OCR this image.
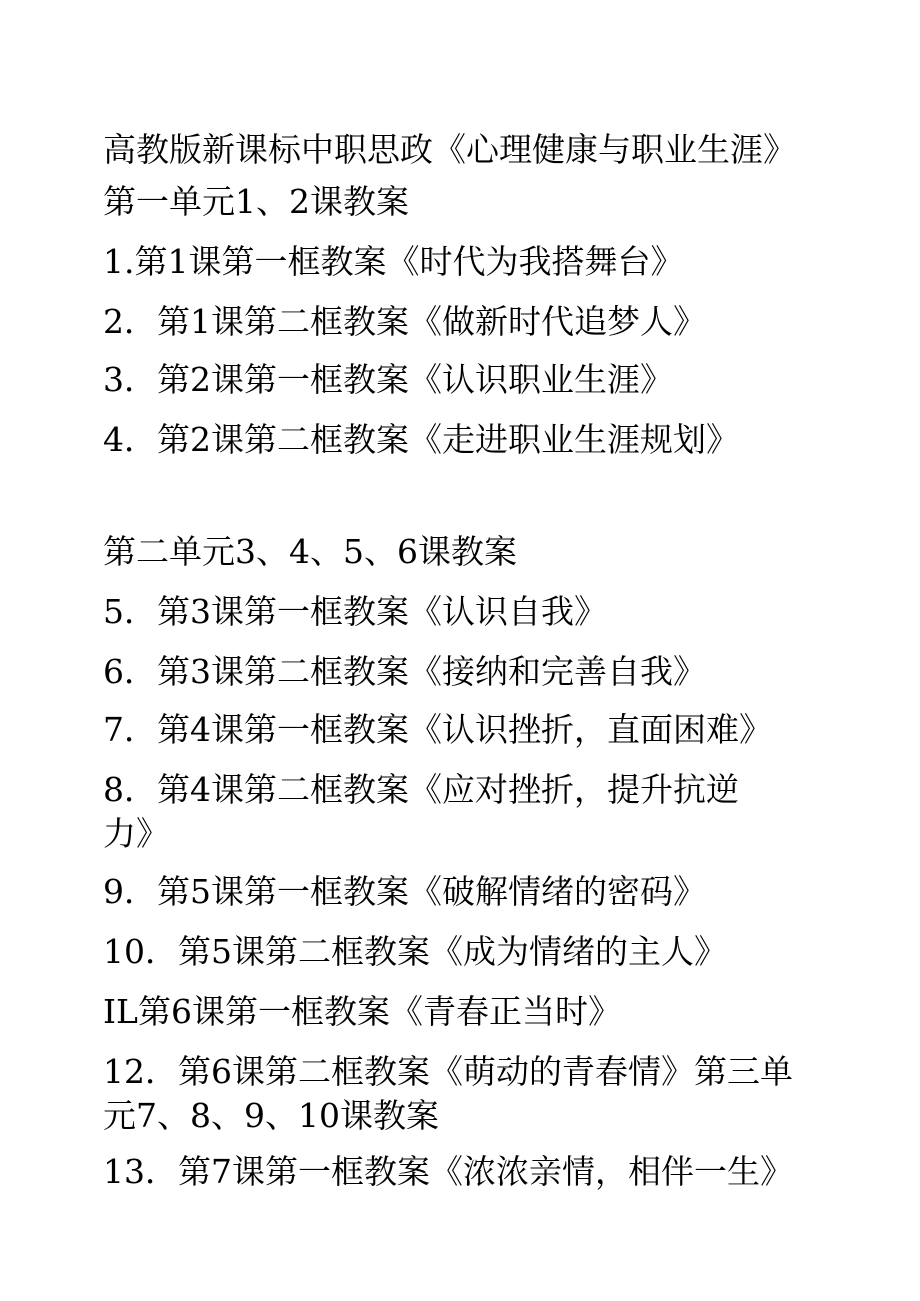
高教版新课标中职思政《心理健康与职业生涯》
第一单元1、2课教案
1.第1课第一框教案《时代为我搭舞台》
2．第1课第二框教案《做新时代追梦人》
3．第2课第一框教案《认识职业生涯》
4．第2课第二框教案《走进职业生涯规划》
第二单元3、4、5、6课教案
5．第3课第一框教案《认识自我》
6．第3课第二框教案《接纳和完善自我》
7．第4课第一框教案《认识挫折，直面困难》
8．第4课第二框教案《应对挫折，提升抗逆力》
9．第5课第一框教案《破解情绪的密码》
10．第5课第二框教案《成为情绪的主人》
IL第6课第一框教案《青春正当时》
12．第6课第二框教案《萌动的青春情》第三单元7、8、9、10课教案
13．第7课第一框教案《浓浓亲情，相伴一生》
